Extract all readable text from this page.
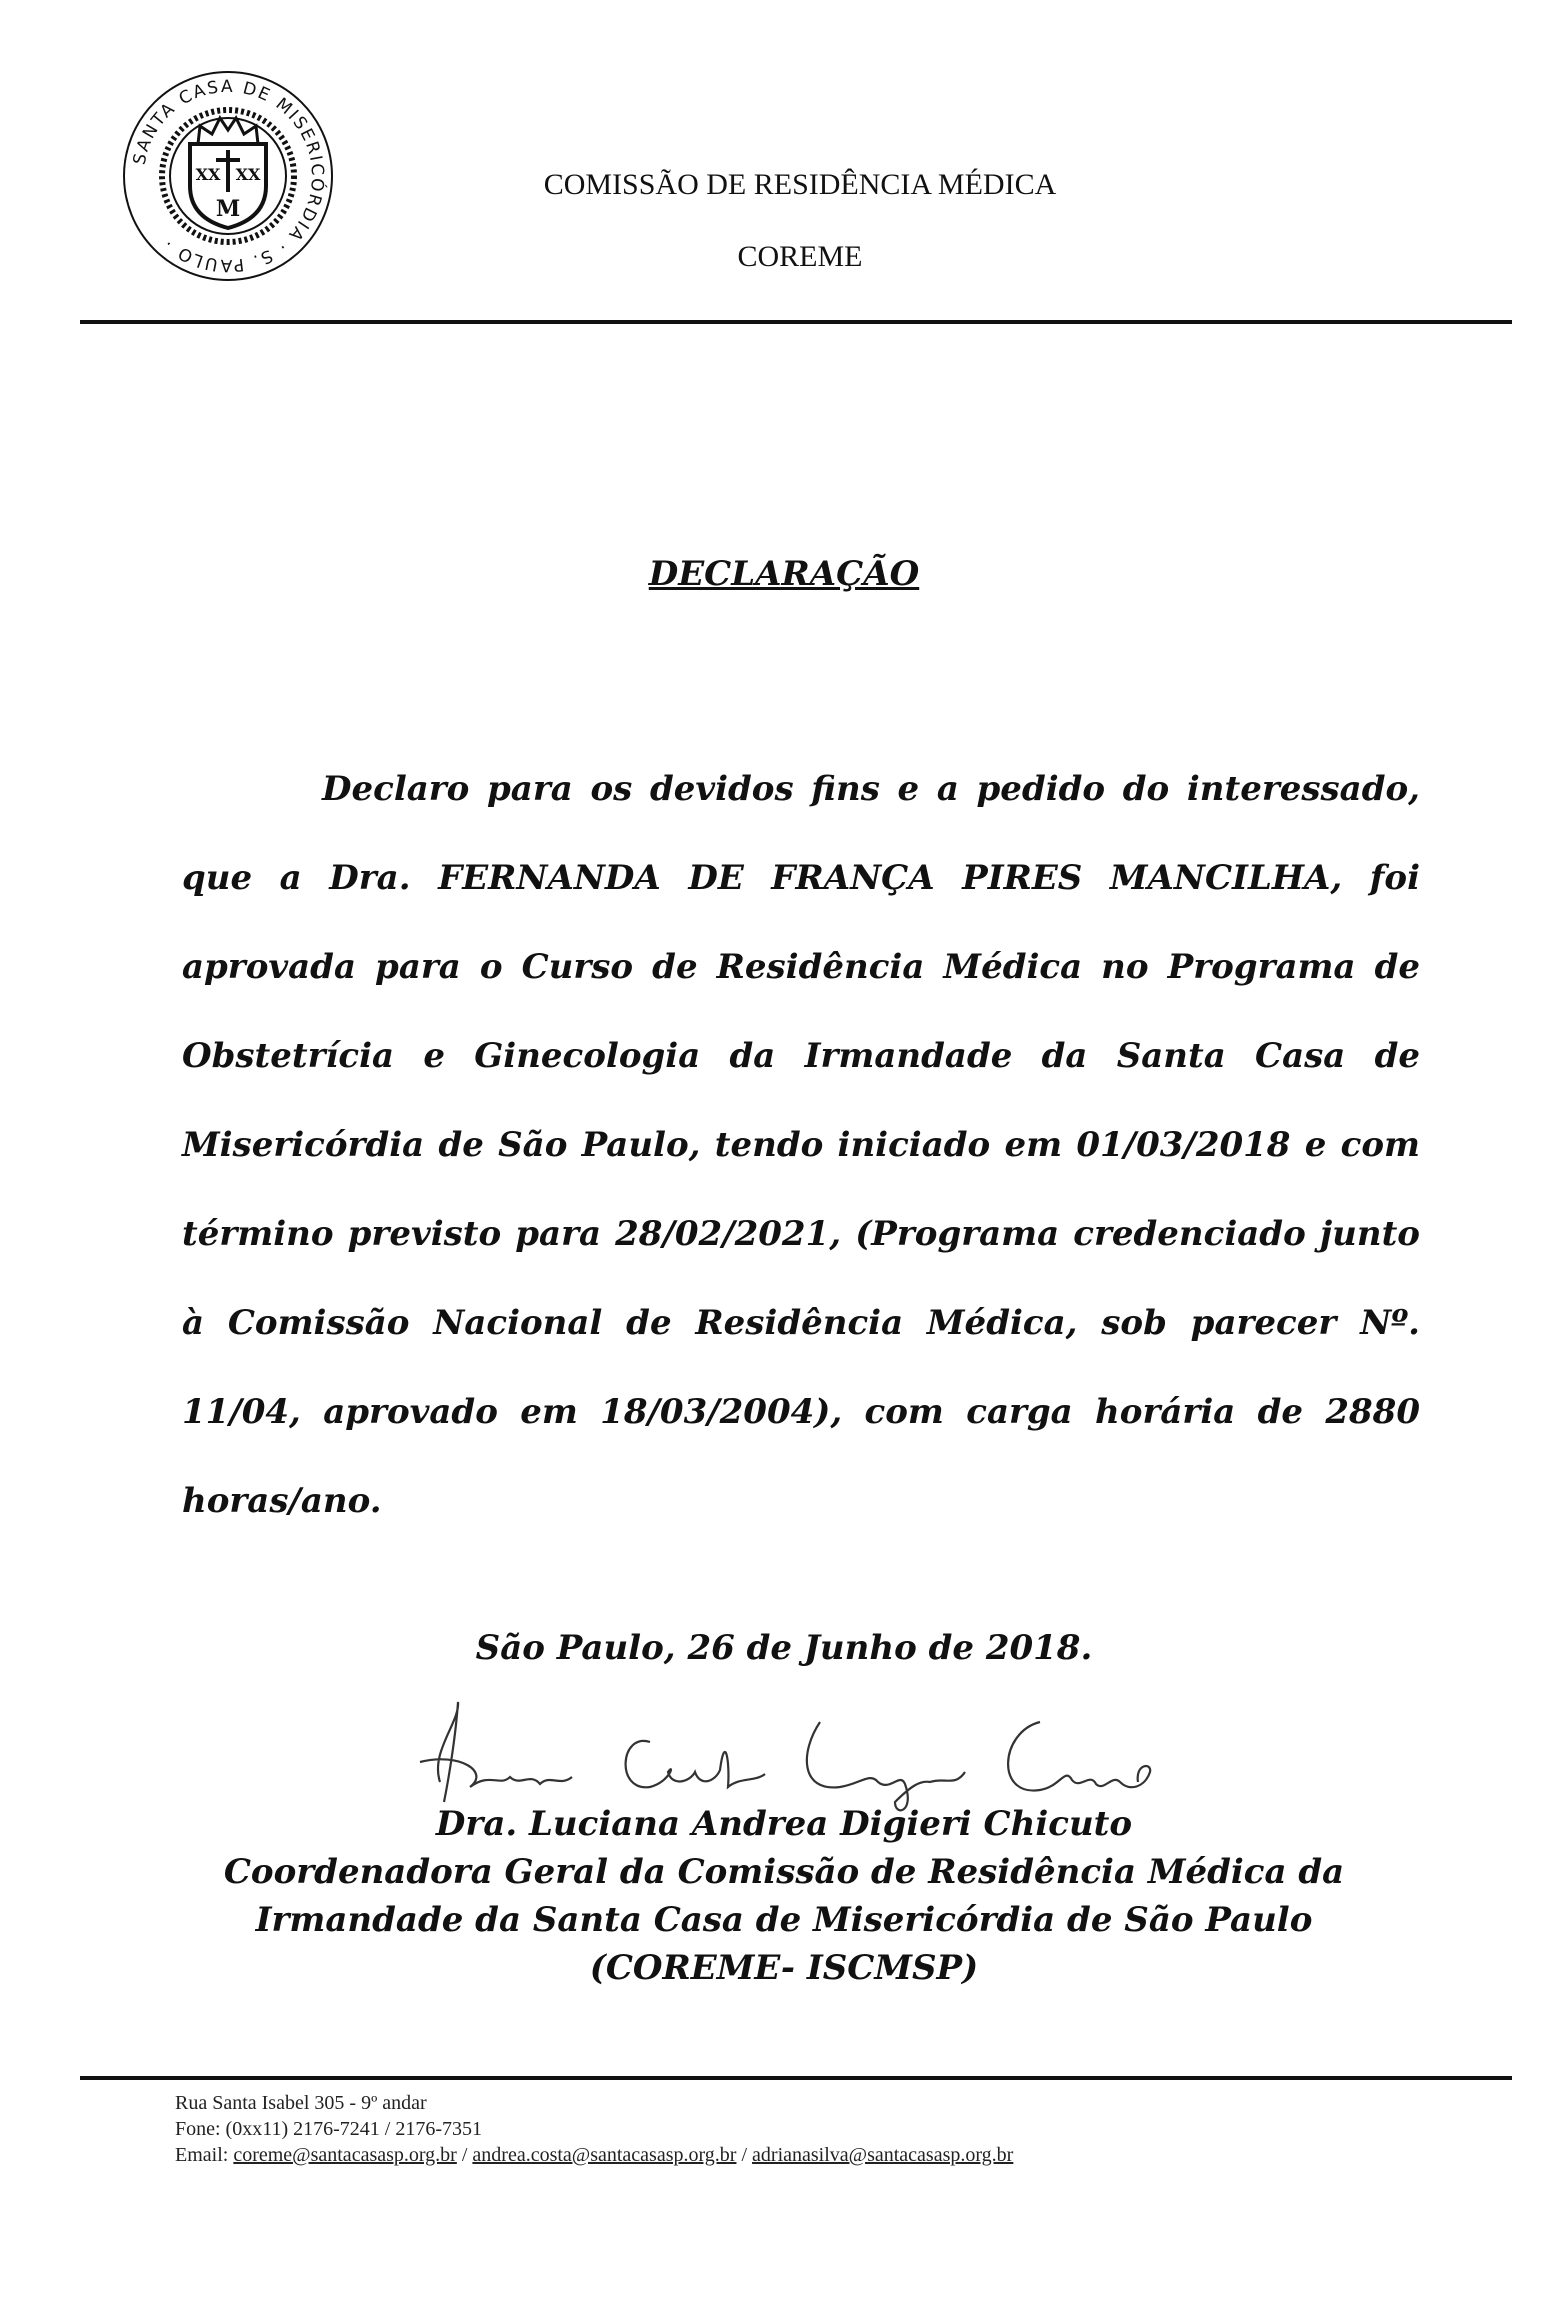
SANTA CASA DE MISERICÓRDIA · S. PAULO ·
XX XX
M
COMISSÃO DE RESIDÊNCIA MÉDICA
COREME
DECLARAÇÃO
Declaro para os devidos fins e a pedido do interessado, que a Dra. FERNANDA DE FRANÇA PIRES MANCILHA, foi aprovada para o Curso de Residência Médica no Programa de Obstetrícia e Ginecologia da Irmandade da Santa Casa de Misericórdia de São Paulo, tendo iniciado em 01/03/2018 e com término previsto para 28/02/2021, (Programa credenciado junto à Comissão Nacional de Residência Médica, sob parecer Nº. 11/04, aprovado em 18/03/2004), com carga horária de 2880 horas/ano.
São Paulo, 26 de Junho de 2018.
Dra. Luciana Andrea Digieri Chicuto
Coordenadora Geral da Comissão de Residência Médica da
Irmandade da Santa Casa de Misericórdia de São Paulo
(COREME- ISCMSP)
Rua Santa Isabel 305 - 9º andar
Fone: (0xx11) 2176-7241 / 2176-7351
Email: coreme@santacasasp.org.br / andrea.costa@santacasasp.org.br / adrianasilva@santacasasp.org.br
